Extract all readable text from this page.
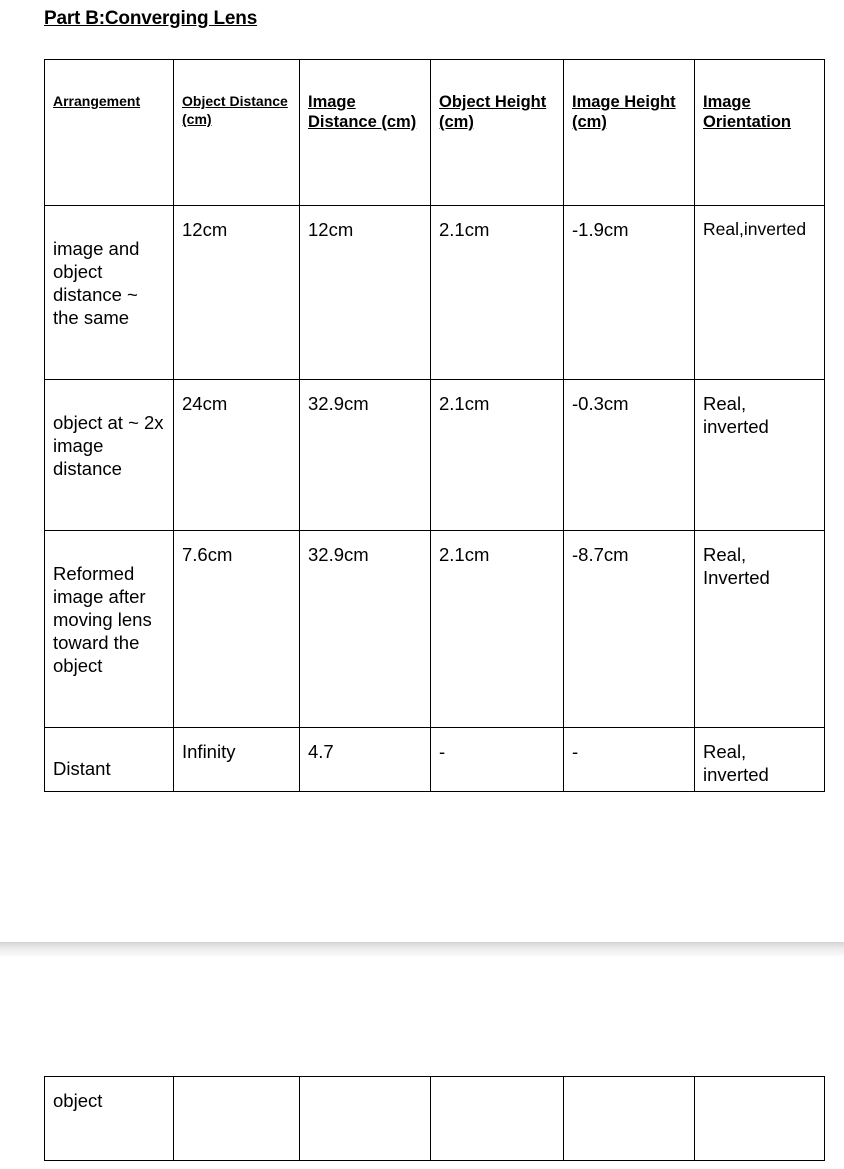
Part B:Converging Lens
Arrangement	Object Distance (cm)	Image Distance (cm)	Object Height (cm)	Image Height (cm)	Image Orientation

image and object distance ~ the same	12cm	12cm	2.1cm	-1.9cm	Real,inverted

object at ~ 2x image distance	24cm	32.9cm	2.1cm	-0.3cm	Real, inverted

Reformed image after moving lens toward the object	7.6cm	32.9cm	2.1cm	-8.7cm	Real, Inverted

Distant	Infinity	4.7	-	-	Real, inverted
object
